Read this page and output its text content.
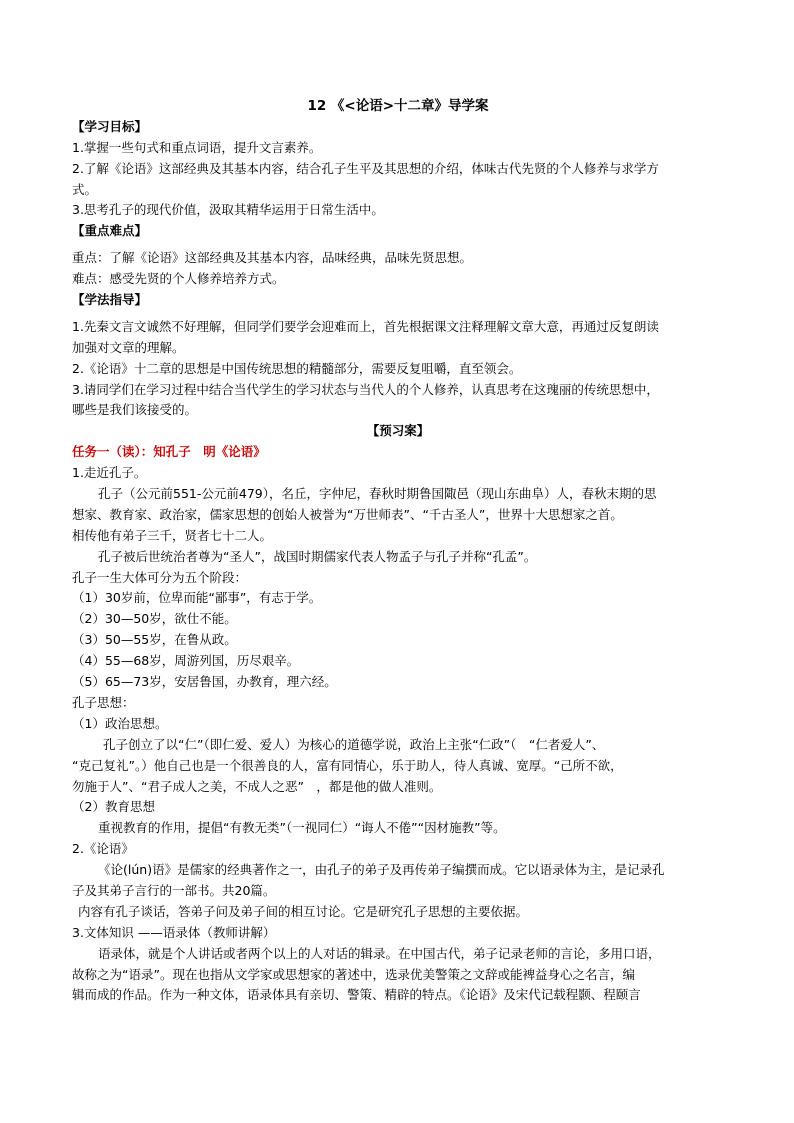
12 《<论语>十二章》导学案
【学习目标】
1.掌握一些句式和重点词语，提升文言素养。
2.了解《论语》这部经典及其基本内容，结合孔子生平及其思想的介绍，体味古代先贤的个人修养与求学方
式。
3.思考孔子的现代价值，汲取其精华运用于日常生活中。
【重点难点】
重点：了解《论语》这部经典及其基本内容，品味经典，品味先贤思想。
难点：感受先贤的个人修养培养方式。
【学法指导】
1.先秦文言文诚然不好理解，但同学们要学会迎难而上，首先根据课文注释理解文章大意，再通过反复朗读
加强对文章的理解。
2.《论语》十二章的思想是中国传统思想的精髓部分，需要反复咀嚼，直至领会。
3.请同学们在学习过程中结合当代学生的学习状态与当代人的个人修养，认真思考在这瑰丽的传统思想中，
哪些是我们该接受的。
【预习案】
任务一（读）：知孔子　明《论语》
1.走近孔子。
孔子（公元前551-公元前479），名丘，字仲尼，春秋时期鲁国陬邑（现山东曲阜）人，春秋末期的思
想家、教育家、政治家，儒家思想的创始人被誉为“万世师表”、“千古圣人”，世界十大思想家之首。
相传他有弟子三千，贤者七十二人。
孔子被后世统治者尊为“圣人”，战国时期儒家代表人物孟子与孔子并称“孔孟”。
孔子一生大体可分为五个阶段：
（1）30岁前，位卑而能“鄙事”，有志于学。
（2）30—50岁，欲仕不能。
（3）50—55岁，在鲁从政。
（4）55—68岁，周游列国，历尽艰辛。
（5）65—73岁，安居鲁国，办教育，理六经。
孔子思想：
（1）政治思想。
孔子创立了以“仁”（即仁爱、爱人）为核心的道德学说，政治上主张“仁政”（　“仁者爱人”、
“克己复礼”。）他自己也是一个很善良的人，富有同情心，乐于助人，待人真诚、宽厚。“己所不欲，
勿施于人”、“君子成人之美，不成人之恶”　，都是他的做人准则。
（2）教育思想
重视教育的作用，提倡“有教无类”（一视同仁）“诲人不倦”“因材施教”等。
2.《论语》
《论(lún)语》是儒家的经典著作之一，由孔子的弟子及再传弟子编撰而成。它以语录体为主，是记录孔
子及其弟子言行的一部书。共20篇。
内容有孔子谈话，答弟子问及弟子间的相互讨论。它是研究孔子思想的主要依据。
3.文体知识 ——语录体（教师讲解）
语录体，就是个人讲话或者两个以上的人对话的辑录。在中国古代，弟子记录老师的言论，多用口语，
故称之为“语录”。现在也指从文学家或思想家的著述中，选录优美警策之文辞或能裨益身心之名言，编
辑而成的作品。作为一种文体，语录体具有亲切、警策、精辟的特点。《论语》及宋代记载程颢、程颐言
